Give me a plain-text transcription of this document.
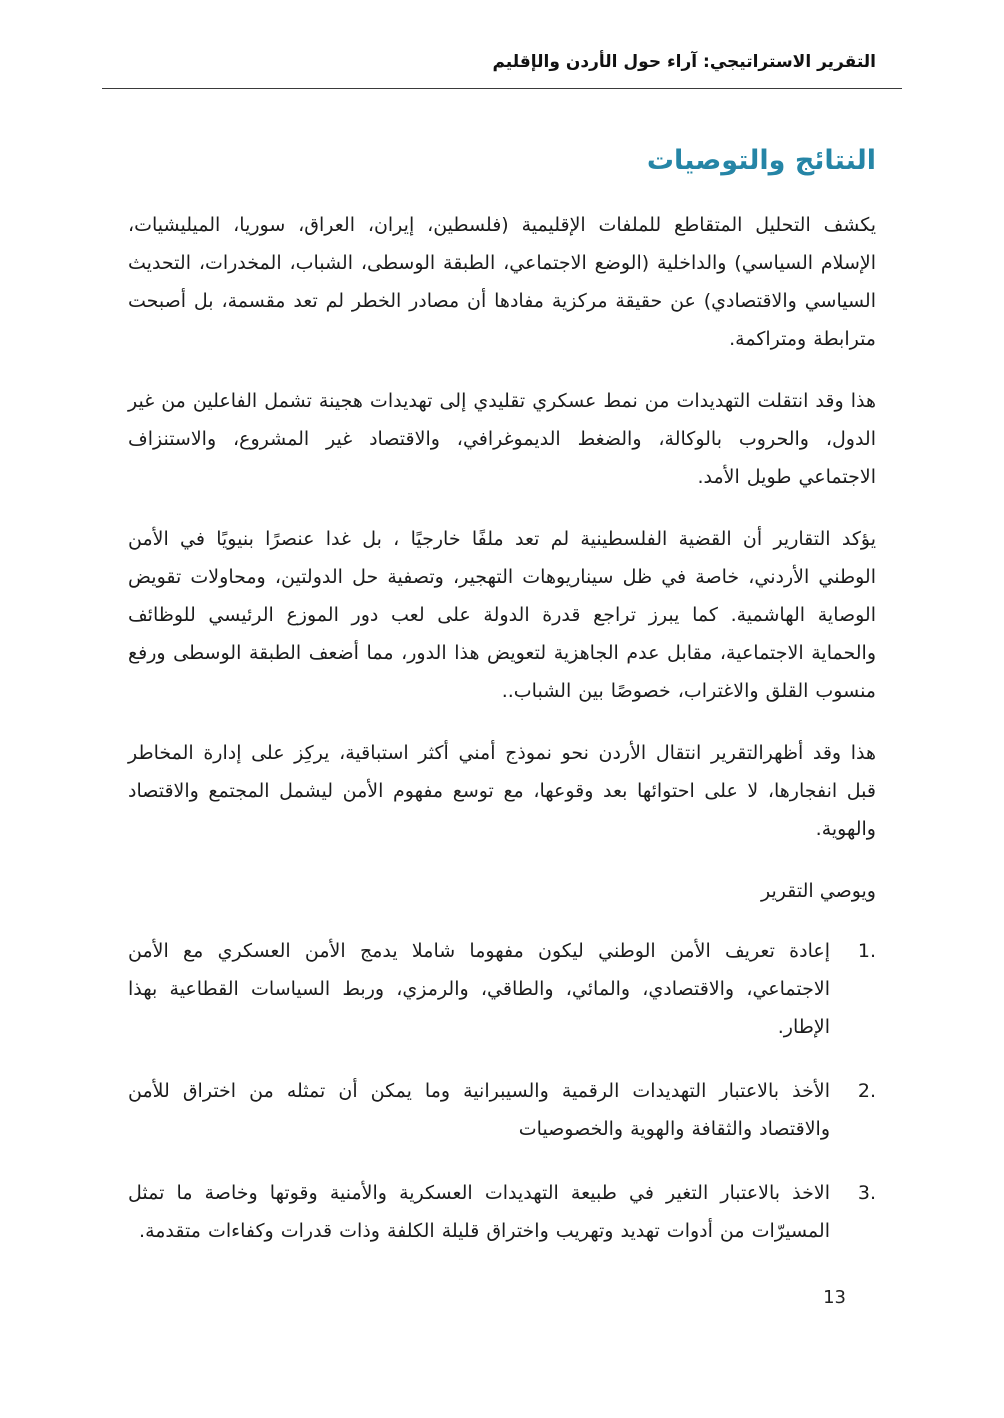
التقرير الاستراتيجي: آراء حول الأردن والإقليم
النتائج والتوصيات

يكشف التحليل المتقاطع للملفات الإقليمية (فلسطين، إيران، العراق، سوريا، الميليشيات، الإسلام السياسي) والداخلية (الوضع الاجتماعي، الطبقة الوسطى، الشباب، المخدرات، التحديث السياسي والاقتصادي) عن حقيقة مركزية مفادها أن مصادر الخطر لم تعد مقسمة، بل أصبحت مترابطة ومتراكمة.

هذا وقد انتقلت التهديدات من نمط عسكري تقليدي إلى تهديدات هجينة تشمل الفاعلين من غير الدول، والحروب بالوكالة، والضغط الديموغرافي، والاقتصاد غير المشروع، والاستنزاف الاجتماعي طويل الأمد.

يؤكد التقارير أن القضية الفلسطينية لم تعد ملفًا خارجيًا ، بل غدا عنصرًا بنيويًا في الأمن الوطني الأردني، خاصة في ظل سيناريوهات التهجير، وتصفية حل الدولتين، ومحاولات تقويض الوصاية الهاشمية. كما يبرز تراجع قدرة الدولة على لعب دور الموزع الرئيسي للوظائف والحماية الاجتماعية، مقابل عدم الجاهزية لتعويض هذا الدور، مما أضعف الطبقة الوسطى ورفع منسوب القلق والاغتراب، خصوصًا بين الشباب..

هذا وقد أظهرالتقرير انتقال الأردن نحو نموذج أمني أكثر استباقية، يركِز على إدارة المخاطر قبل انفجارها، لا على احتوائها بعد وقوعها، مع توسع مفهوم الأمن ليشمل المجتمع والاقتصاد والهوية.

ويوصي التقرير

1.
إعادة تعريف الأمن الوطني ليكون مفهوما شاملا يدمج الأمن العسكري مع الأمن الاجتماعي، والاقتصادي، والمائي، والطاقي، والرمزي، وربط السياسات القطاعية بهذا الإطار.
2.
الأخذ بالاعتبار التهديدات الرقمية والسيبرانية وما يمكن أن تمثله من اختراق للأمن والاقتصاد والثقافة والهوية والخصوصيات
3.
الاخذ بالاعتبار التغير في طبيعة التهديدات العسكرية والأمنية وقوتها وخاصة ما تمثل المسيرّات من أدوات تهديد وتهريب واختراق قليلة الكلفة وذات قدرات وكفاءات متقدمة.
13
